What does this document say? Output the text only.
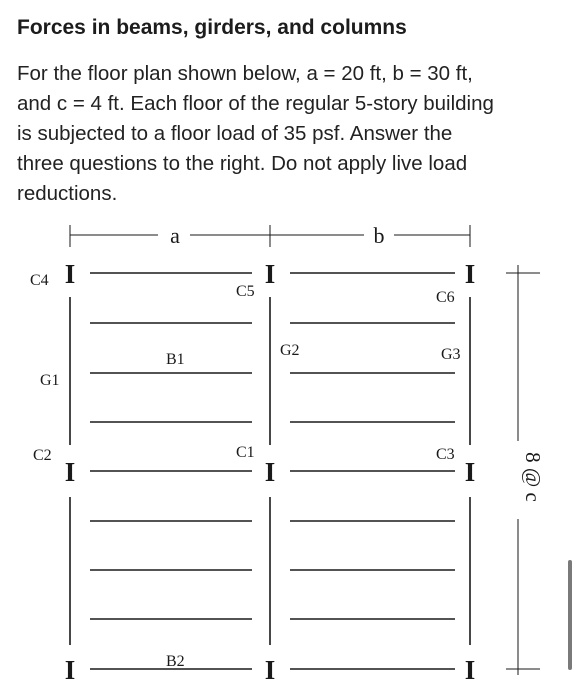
Forces in beams, girders, and columns

For the floor plan shown below, a = 20 ft, b = 30 ft,
and c = 4 ft. Each floor of the regular 5-story building
is subjected to a floor load of 35 psf. Answer the
three questions to the right. Do not apply live load
reductions.

a	b
8 @ c
I	I	I
I	I	I
I	I	I
C4
C5	C6
C2	C1	C3
G1
G2	G3
B1
B2
